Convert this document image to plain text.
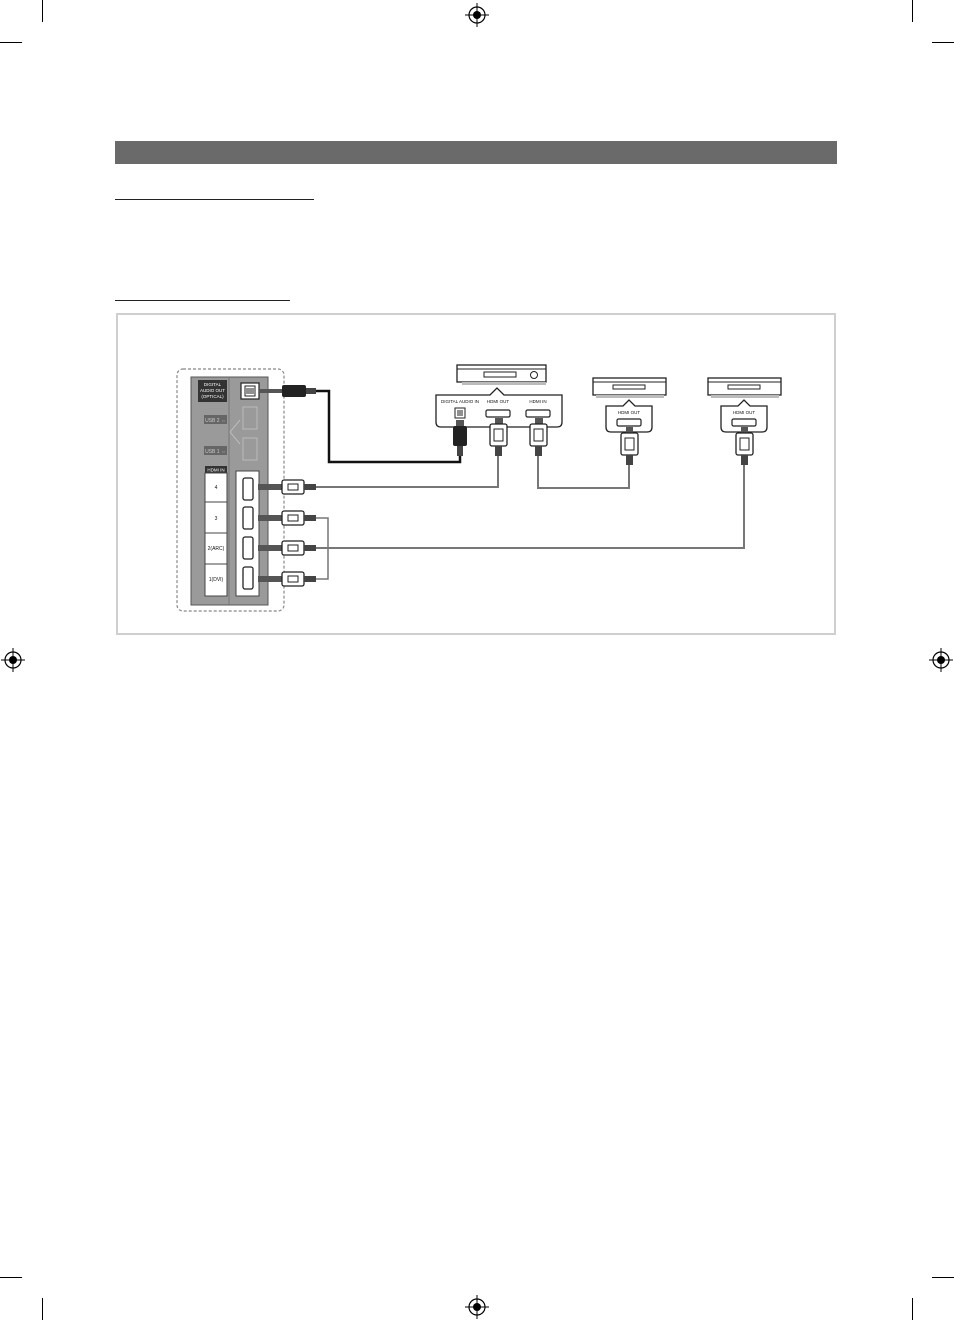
DIGITAL
AUDIO OUT
(OPTICAL)
USB 2 ⇔
USB 1 ⇔
HDMI IN
4
3
2(ARC)
1(DVI)
DIGITAL AUDIO IN HDMI OUT	HDMI IN
HDMI OUT	HDMI OUT
